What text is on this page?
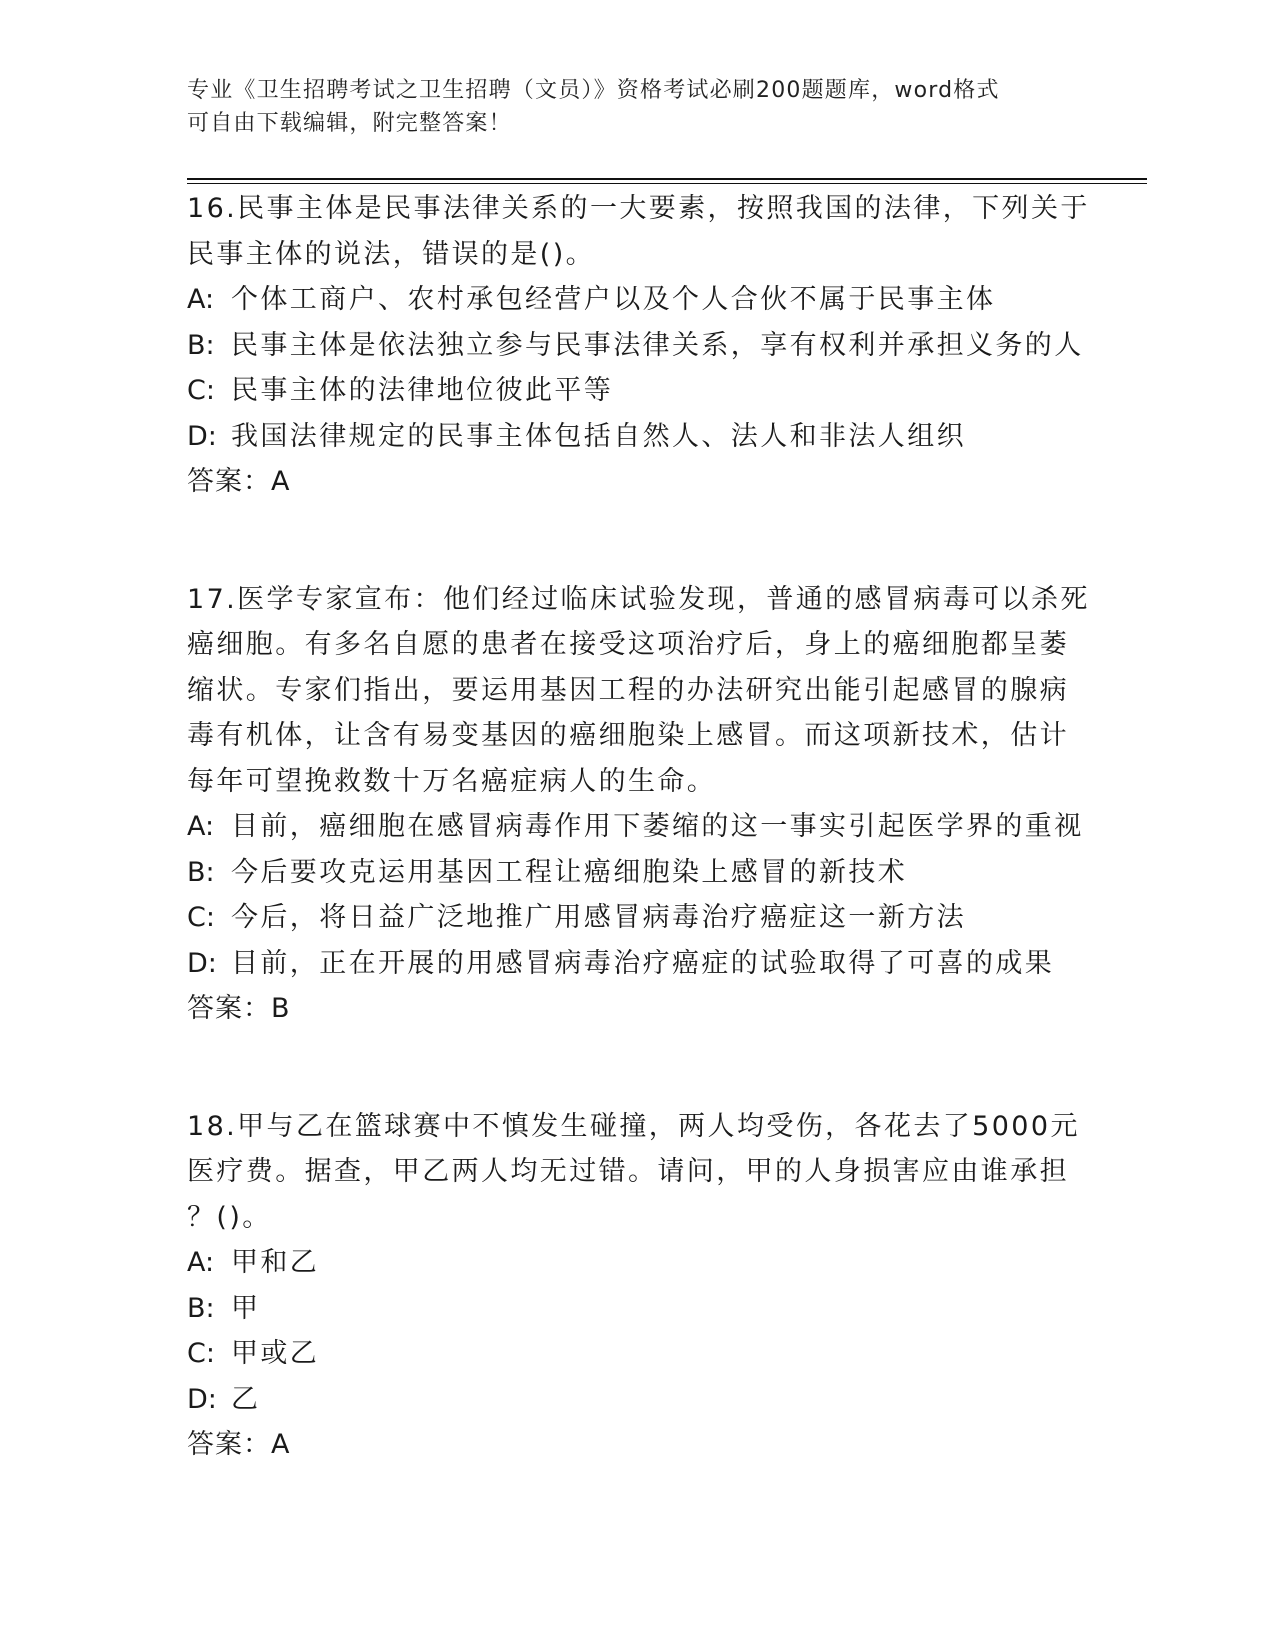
专业《卫生招聘考试之卫生招聘（文员）》资格考试必刷200题题库，word格式
可自由下载编辑，附完整答案！
16.民事主体是民事法律关系的一大要素，按照我国的法律，下列关于
民事主体的说法，错误的是()。
A: 个体工商户、农村承包经营户以及个人合伙不属于民事主体
B: 民事主体是依法独立参与民事法律关系，享有权利并承担义务的人
C: 民事主体的法律地位彼此平等
D: 我国法律规定的民事主体包括自然人、法人和非法人组织
答案：A
17.医学专家宣布：他们经过临床试验发现，普通的感冒病毒可以杀死
癌细胞。有多名自愿的患者在接受这项治疗后，身上的癌细胞都呈萎
缩状。专家们指出，要运用基因工程的办法研究出能引起感冒的腺病
毒有机体，让含有易变基因的癌细胞染上感冒。而这项新技术，估计
每年可望挽救数十万名癌症病人的生命。
A: 目前，癌细胞在感冒病毒作用下萎缩的这一事实引起医学界的重视
B: 今后要攻克运用基因工程让癌细胞染上感冒的新技术
C: 今后，将日益广泛地推广用感冒病毒治疗癌症这一新方法
D: 目前，正在开展的用感冒病毒治疗癌症的试验取得了可喜的成果
答案：B
18.甲与乙在篮球赛中不慎发生碰撞，两人均受伤，各花去了5000元
医疗费。据查，甲乙两人均无过错。请问，甲的人身损害应由谁承担
？()。
A: 甲和乙
B: 甲
C: 甲或乙
D: 乙
答案：A
